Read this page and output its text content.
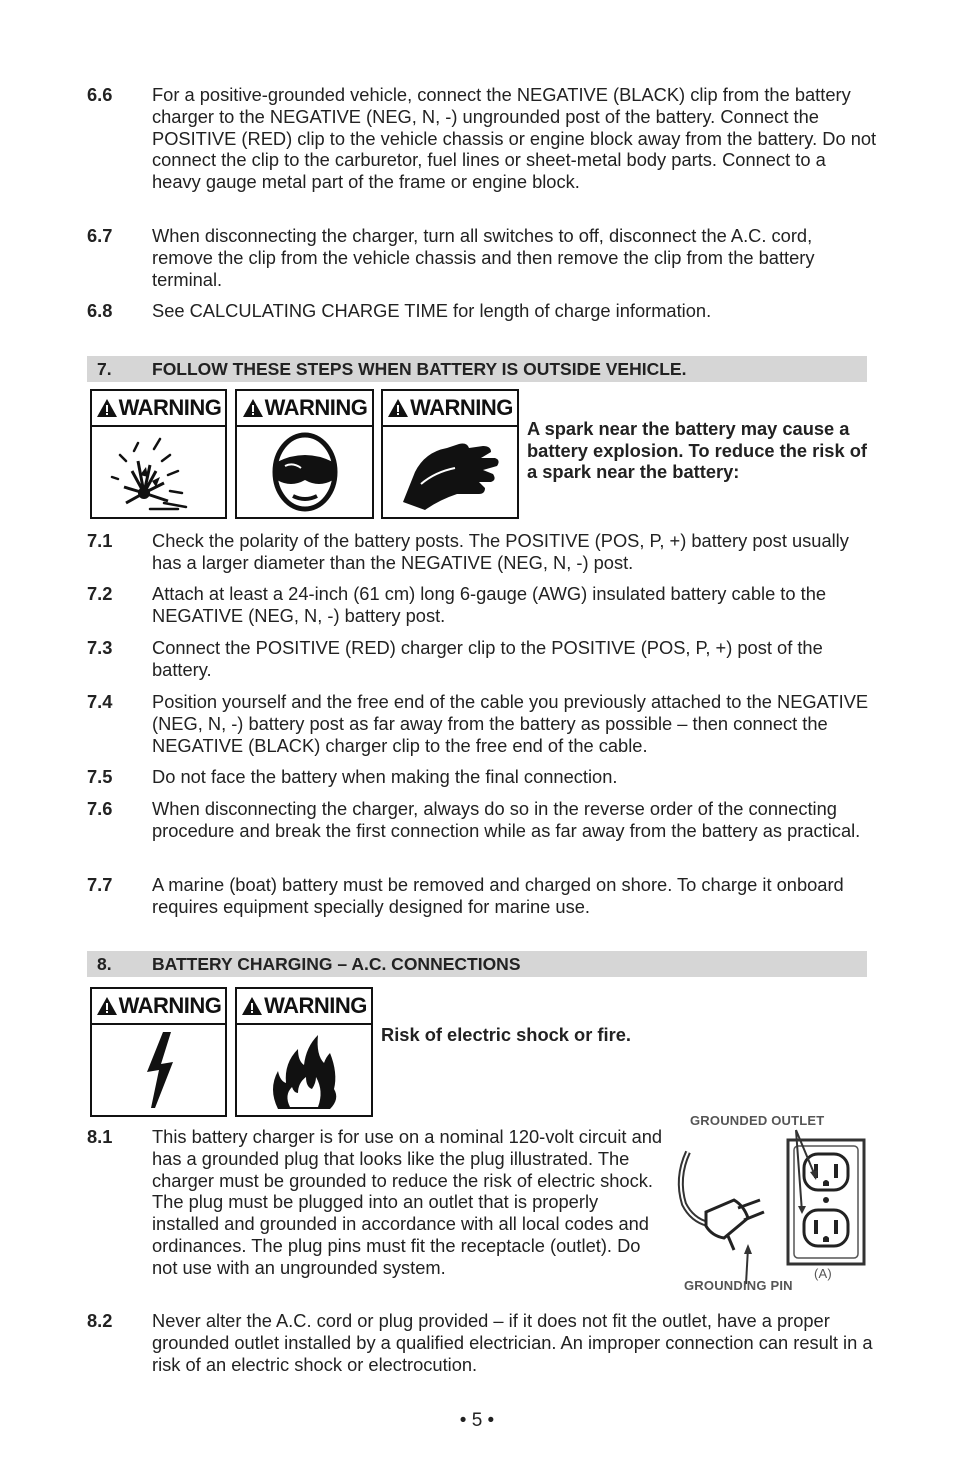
6.6	For a positive-grounded vehicle, connect the NEGATIVE (BLACK) clip from the battery charger to the NEGATIVE (NEG, N, -) ungrounded post of the battery. Connect the POSITIVE (RED) clip to the vehicle chassis or engine block away from the battery. Do not connect the clip to the carburetor, fuel lines or sheet-metal body parts. Connect to a heavy gauge metal part of the frame or engine block.
6.7	When disconnecting the charger, turn all switches to off, disconnect the A.C. cord, remove the clip from the vehicle chassis and then remove the clip from the battery terminal.
6.8	See CALCULATING CHARGE TIME for length of charge information.
7. FOLLOW THESE STEPS WHEN BATTERY IS OUTSIDE VEHICLE.
WARNING WARNING WARNING
A spark near the battery may cause a battery explosion. To reduce the risk of a spark near the battery:
7.1	Check the polarity of the battery posts. The POSITIVE (POS, P, +) battery post usually has a larger diameter than the NEGATIVE (NEG, N, -) post.
7.2	Attach at least a 24-inch (61 cm) long 6-gauge (AWG) insulated battery cable to the NEGATIVE (NEG, N, -) battery post.
7.3	Connect the POSITIVE (RED) charger clip to the POSITIVE (POS, P, +) post of the battery.
7.4	Position yourself and the free end of the cable you previously attached to the NEGATIVE (NEG, N, -) battery post as far away from the battery as possible – then connect the NEGATIVE (BLACK) charger clip to the free end of the cable.
7.5	Do not face the battery when making the final connection.
7.6	When disconnecting the charger, always do so in the reverse order of the connecting procedure and break the first connection while as far away from the battery as practical.
7.7	A marine (boat) battery must be removed and charged on shore. To charge it onboard requires equipment specially designed for marine use.
8. BATTERY CHARGING – A.C. CONNECTIONS
WARNING WARNING
Risk of electric shock or fire.
GROUNDED OUTLET
GROUNDING PIN
(A)
8.1	This battery charger is for use on a nominal 120-volt circuit and has a grounded plug that looks like the plug illustrated. The charger must be grounded to reduce the risk of electric shock. The plug must be plugged into an outlet that is properly installed and grounded in accordance with all local codes and ordinances. The plug pins must fit the receptacle (outlet). Do not use with an ungrounded system.
8.2	Never alter the A.C. cord or plug provided – if it does not fit the outlet, have a proper grounded outlet installed by a qualified electrician. An improper connection can result in a risk of an electric shock or electrocution.
• 5 •
